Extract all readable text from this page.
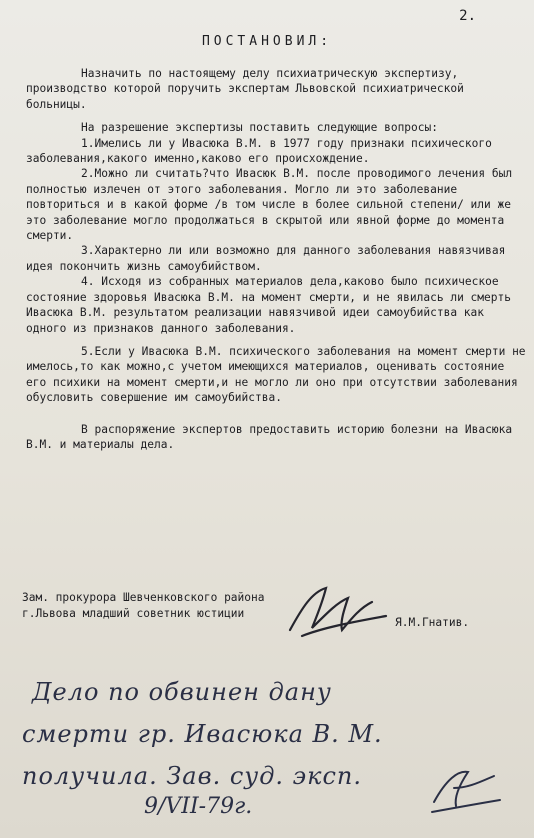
2.
ПОСТАНОВИЛ:

Назначить по настоящему делу психиатрическую экспертизу, производство которой поручить экспертам Львовской психиатрической больницы.

На разрешение экспертизы поставить следующие вопросы:

1.Имелись ли у Ивасюка В.М. в 1977 году признаки психического заболевания,какого именно,каково его происхождение.

2.Можно ли считать?что Ивасюк В.М. после проводимого лечения был полностью излечен от этого заболевания. Могло ли это заболевание повториться и в какой форме /в том числе в более сильной степени/ или же это заболевание могло продолжаться в скрытой или явной форме до момента смерти.

3.Характерно ли или возможно для данного заболевания навязчивая идея покончить жизнь самоубийством.

4. Исходя из собранных материалов дела,каково было психическое состояние здоровья Ивасюка В.М. на момент смерти, и не явилась ли смерть Ивасюка В.М. результатом реализации навязчивой идеи самоубийства как одного из признаков данного заболевания.

5.Если у Ивасюка В.М. психического заболевания на момент смерти не имелось,то как можно,с учетом имеющихся материалов, оценивать состояние его психики на момент смерти,и не могло ли оно при отсутствии заболевания обусловить совершение им самоубийства.

В распоряжение экспертов предоставить историю болезни на Ивасюка В.М. и материалы дела.

Зам. прокурора Шевченковского района
г.Львова младший советник юстиции
Я.М.Гнатив.
Дело по обвинен дану
смерти гр. Ивасюка В. М.
получила. Зав. суд. эксп.
9/VII-79г.
